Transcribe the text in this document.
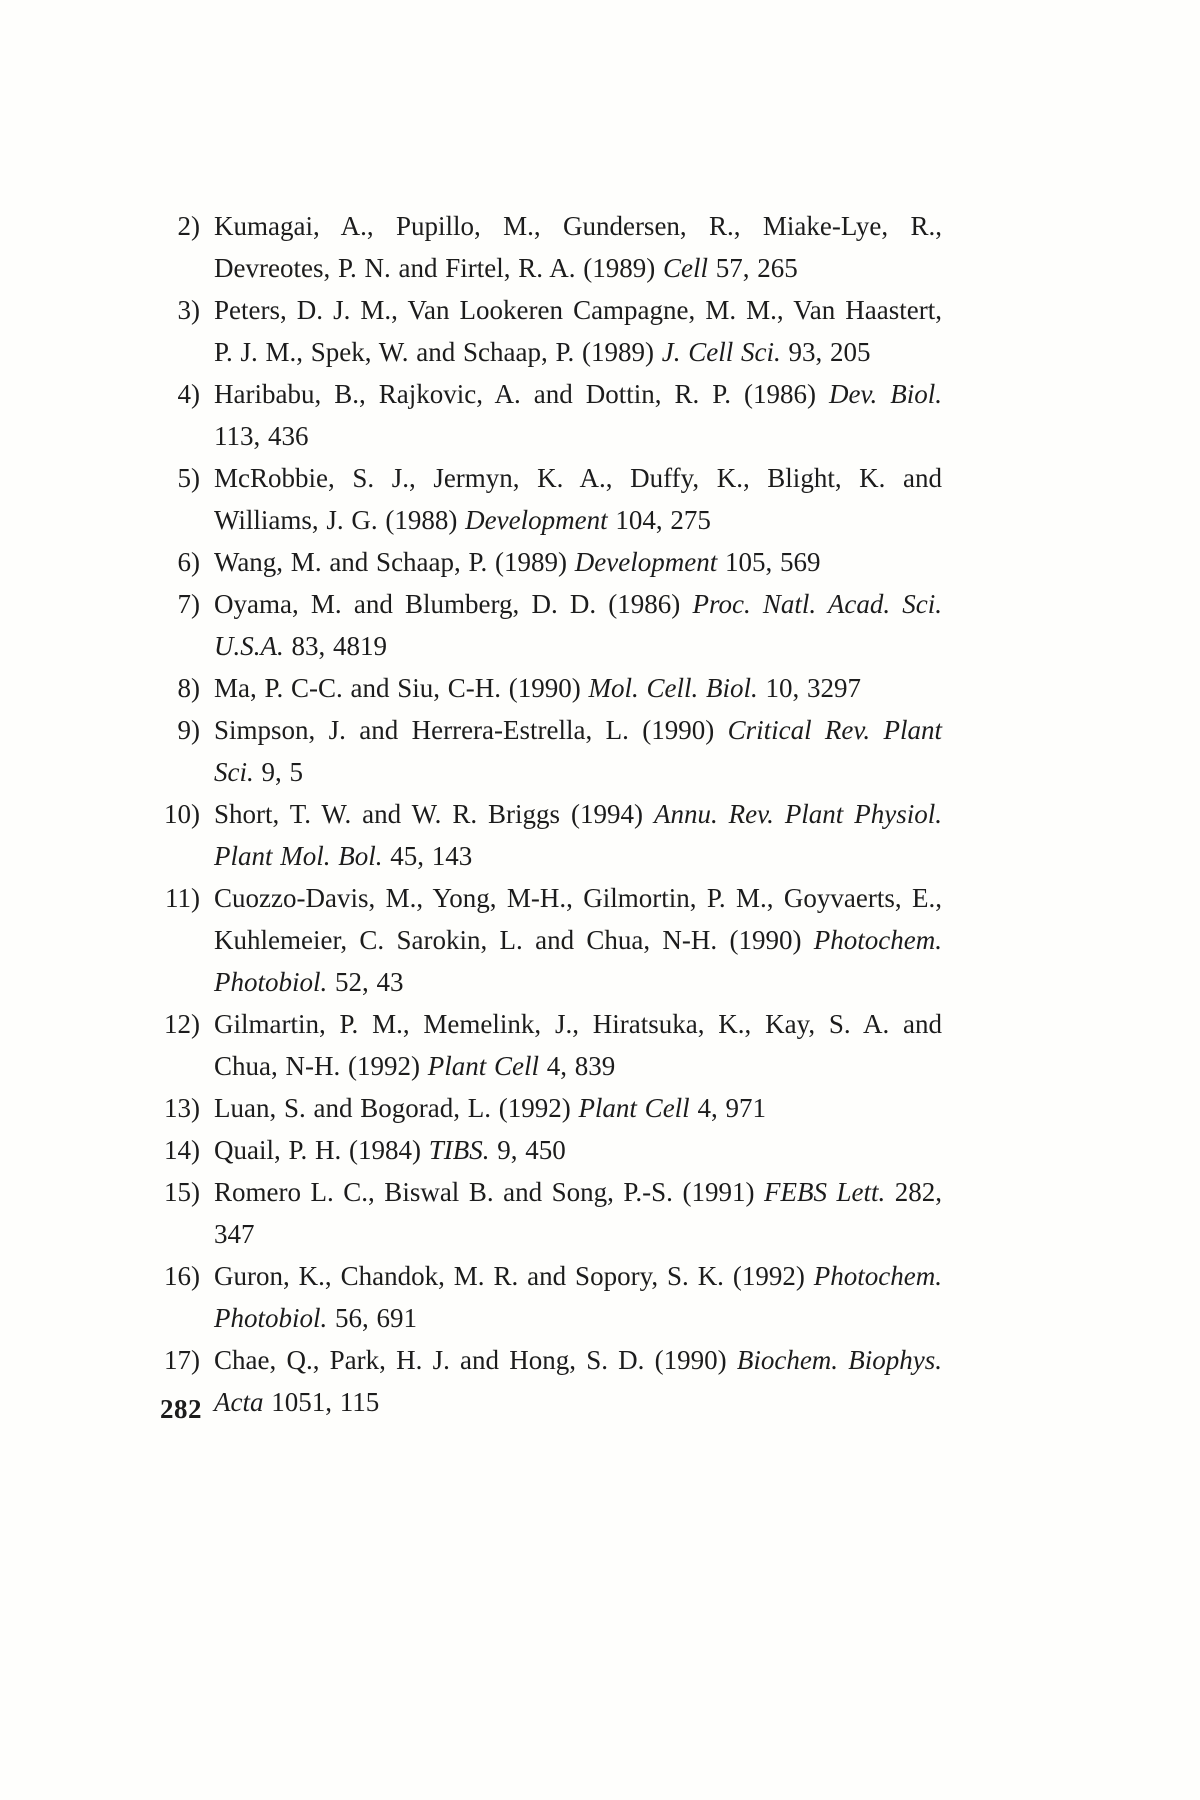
2) Kumagai, A., Pupillo, M., Gundersen, R., Miake-Lye, R., Devreotes, P. N. and Firtel, R. A. (1989) Cell 57, 265
3) Peters, D. J. M., Van Lookeren Campagne, M. M., Van Haastert, P. J. M., Spek, W. and Schaap, P. (1989) J. Cell Sci. 93, 205
4) Haribabu, B., Rajkovic, A. and Dottin, R. P. (1986) Dev. Biol. 113, 436
5) McRobbie, S. J., Jermyn, K. A., Duffy, K., Blight, K. and Williams, J. G. (1988) Development 104, 275
6) Wang, M. and Schaap, P. (1989) Development 105, 569
7) Oyama, M. and Blumberg, D. D. (1986) Proc. Natl. Acad. Sci. U.S.A. 83, 4819
8) Ma, P. C-C. and Siu, C-H. (1990) Mol. Cell. Biol. 10, 3297
9) Simpson, J. and Herrera-Estrella, L. (1990) Critical Rev. Plant Sci. 9, 5
10) Short, T. W. and W. R. Briggs (1994) Annu. Rev. Plant Physiol. Plant Mol. Bol. 45, 143
11) Cuozzo-Davis, M., Yong, M-H., Gilmortin, P. M., Goyvaerts, E., Kuhlemeier, C. Sarokin, L. and Chua, N-H. (1990) Photochem. Photobiol. 52, 43
12) Gilmartin, P. M., Memelink, J., Hiratsuka, K., Kay, S. A. and Chua, N-H. (1992) Plant Cell 4, 839
13) Luan, S. and Bogorad, L. (1992) Plant Cell 4, 971
14) Quail, P. H. (1984) TIBS. 9, 450
15) Romero L. C., Biswal B. and Song, P.-S. (1991) FEBS Lett. 282, 347
16) Guron, K., Chandok, M. R. and Sopory, S. K. (1992) Photochem. Photobiol. 56, 691
17) Chae, Q., Park, H. J. and Hong, S. D. (1990) Biochem. Biophys. Acta 1051, 115
282
